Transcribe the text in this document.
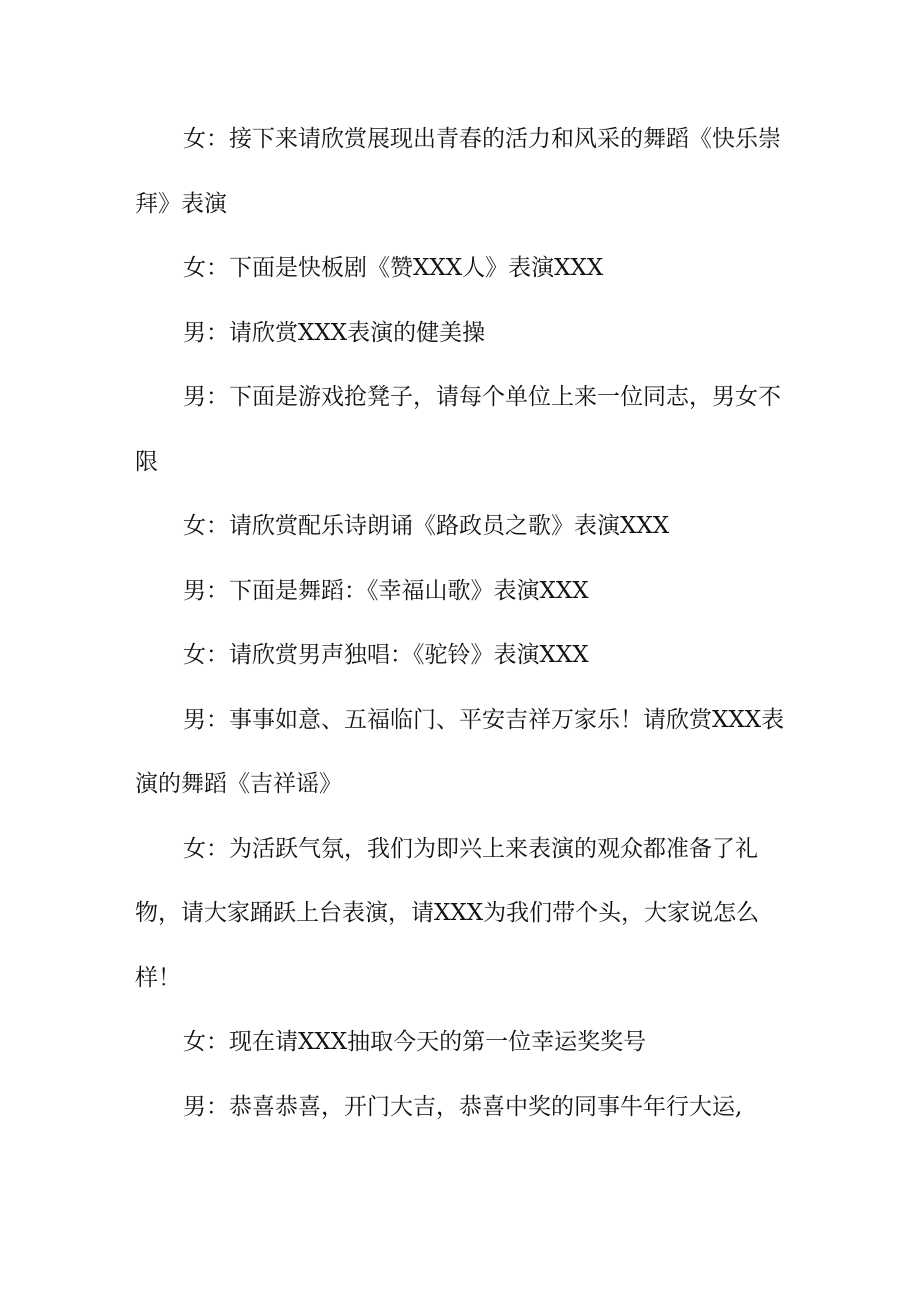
女：接下来请欣赏展现出青春的活力和风采的舞蹈《快乐崇拜》表演

女：下面是快板剧《赞XXX人》表演XXX

男：请欣赏XXX表演的健美操

男：下面是游戏抢凳子，请每个单位上来一位同志，男女不限

女：请欣赏配乐诗朗诵《路政员之歌》表演XXX

男：下面是舞蹈：《幸福山歌》表演XXX

女：请欣赏男声独唱：《驼铃》表演XXX

男：事事如意、五福临门、平安吉祥万家乐！请欣赏XXX表演的舞蹈《吉祥谣》

女：为活跃气氛，我们为即兴上来表演的观众都准备了礼物，请大家踊跃上台表演，请XXX为我们带个头，大家说怎么样！

女：现在请XXX抽取今天的第一位幸运奖奖号

男：恭喜恭喜，开门大吉，恭喜中奖的同事牛年行大运,
